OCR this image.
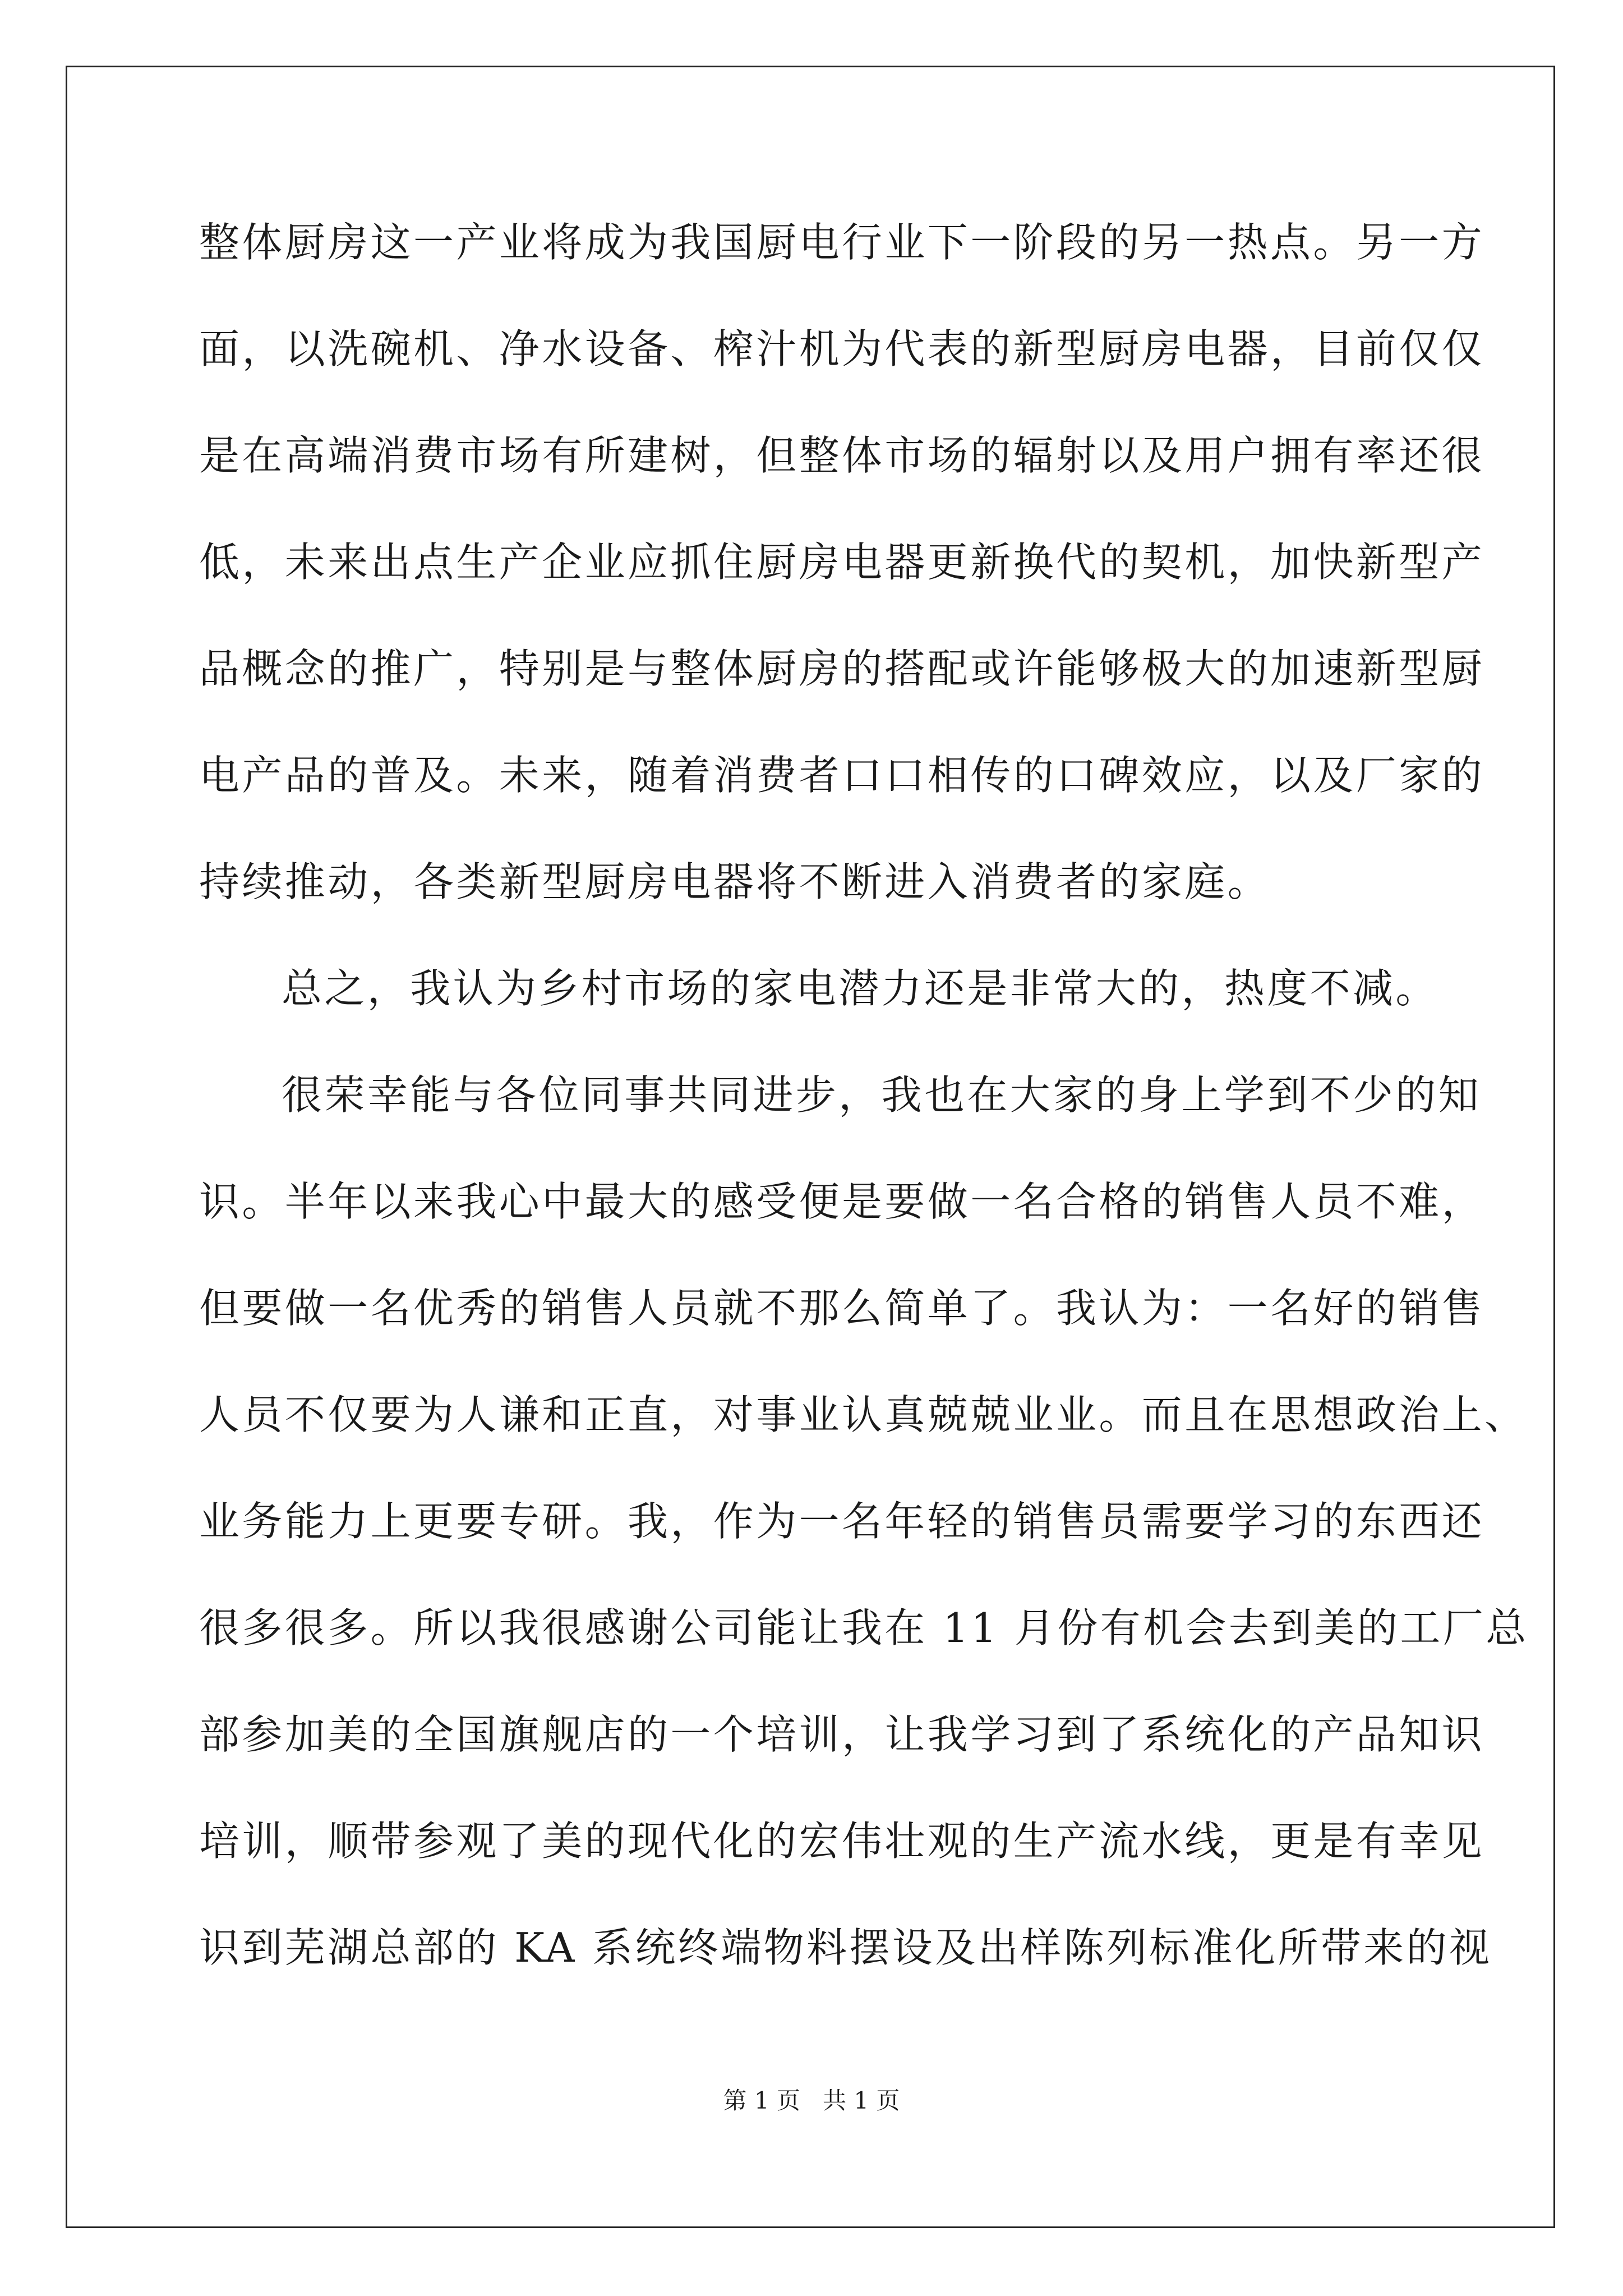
整体厨房这一产业将成为我国厨电行业下一阶段的另一热点。另一方
面，以洗碗机、净水设备、榨汁机为代表的新型厨房电器，目前仅仅
是在高端消费市场有所建树，但整体市场的辐射以及用户拥有率还很
低，未来出点生产企业应抓住厨房电器更新换代的契机，加快新型产
品概念的推广，特别是与整体厨房的搭配或许能够极大的加速新型厨
电产品的普及。未来，随着消费者口口相传的口碑效应，以及厂家的
持续推动，各类新型厨房电器将不断进入消费者的家庭。
总之，我认为乡村市场的家电潜力还是非常大的，热度不减。
很荣幸能与各位同事共同进步，我也在大家的身上学到不少的知
识。半年以来我心中最大的感受便是要做一名合格的销售人员不难，
但要做一名优秀的销售人员就不那么简单了。我认为：一名好的销售
人员不仅要为人谦和正直，对事业认真兢兢业业。而且在思想政治上、
业务能力上更要专研。我，作为一名年轻的销售员需要学习的东西还
很多很多。所以我很感谢公司能让我在 11 月份有机会去到美的工厂总
部参加美的全国旗舰店的一个培训，让我学习到了系统化的产品知识
培训，顺带参观了美的现代化的宏伟壮观的生产流水线，更是有幸见
识到芜湖总部的 KA 系统终端物料摆设及出样陈列标准化所带来的视
第 1 页   共 1 页
